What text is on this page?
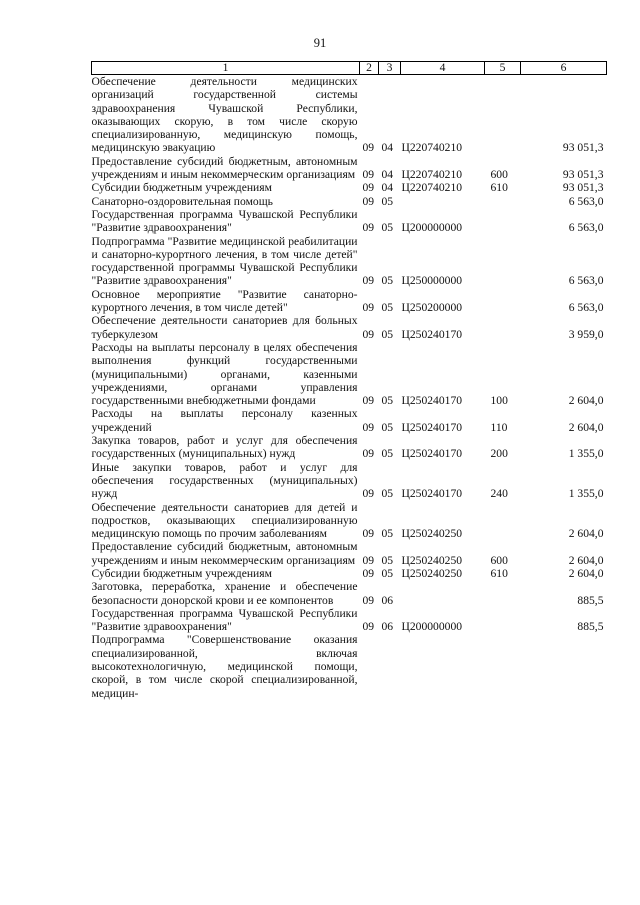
91
1	2	3	4	5	6
Обеспечение деятельности медицинских организаций государственной системы здравоохранения Чувашской Республики, оказывающих скорую, в том числе скорую специализированную, медицинскую помощь, медицинскую эвакуацию	09	04	Ц220740210		93 051,3
Предоставление субсидий бюджетным, автономным учреждениям и иным некоммерческим организациям	09	04	Ц220740210	600	93 051,3
Субсидии бюджетным учреждениям	09	04	Ц220740210	610	93 051,3
Санаторно-оздоровительная помощь	09	05			6 563,0
Государственная программа Чувашской Республики "Развитие здравоохранения"	09	05	Ц200000000		6 563,0
Подпрограмма "Развитие медицинской реабилитации и санаторно-курортного лечения, в том числе детей" государственной программы Чувашской Республики "Развитие здравоохранения"	09	05	Ц250000000		6 563,0
Основное мероприятие "Развитие санаторно-курортного лечения, в том числе детей"	09	05	Ц250200000		6 563,0
Обеспечение деятельности санаториев для больных туберкулезом	09	05	Ц250240170		3 959,0
Расходы на выплаты персоналу в целях обеспечения выполнения функций государственными (муниципальными) органами, казенными учреждениями, органами управления государственными внебюджетными фондами	09	05	Ц250240170	100	2 604,0
Расходы на выплаты персоналу казенных учреждений	09	05	Ц250240170	110	2 604,0
Закупка товаров, работ и услуг для обеспечения государственных (муниципальных) нужд	09	05	Ц250240170	200	1 355,0
Иные закупки товаров, работ и услуг для обеспечения государственных (муниципальных) нужд	09	05	Ц250240170	240	1 355,0
Обеспечение деятельности санаториев для детей и подростков, оказывающих специализированную медицинскую помощь по прочим заболеваниям	09	05	Ц250240250		2 604,0
Предоставление субсидий бюджетным, автономным учреждениям и иным некоммерческим организациям	09	05	Ц250240250	600	2 604,0
Субсидии бюджетным учреждениям	09	05	Ц250240250	610	2 604,0
Заготовка, переработка, хранение и обеспечение безопасности донорской крови и ее компонентов	09	06			885,5
Государственная программа Чувашской Республики "Развитие здравоохранения"	09	06	Ц200000000		885,5
Подпрограмма "Совершенствование оказания специализированной, включая высокотехнологичную, медицинской помощи, скорой, в том числе скорой специализированной, медицин-					
